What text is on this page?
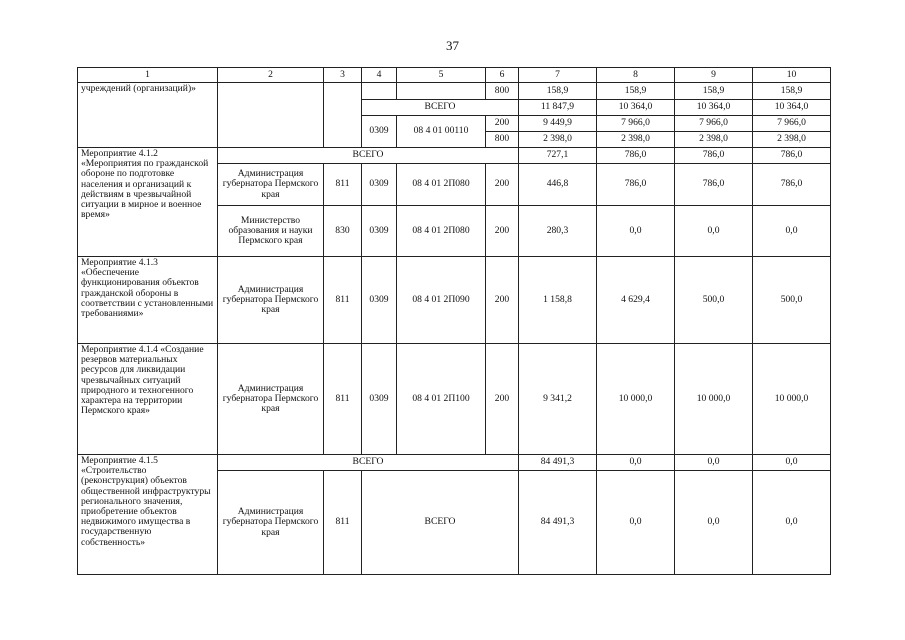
37
1	2	3	4	5	6	7	8	9	10
учреждений (организаций)»					800	158,9	158,9	158,9	158,9
			ВСЕГО			11 847,9	10 364,0	10 364,0	10 364,0
			0309	08 4 01 00110	200	9 449,9	7 966,0	7 966,0	7 966,0
					800	2 398,0	2 398,0	2 398,0	2 398,0
Мероприятие 4.1.2 «Мероприятия по гражданской обороне по подготовке населения и организаций к действиям в чрезвычайной ситуации в мирное и военное время»	ВСЕГО					727,1	786,0	786,0	786,0
	Администрация губернатора Пермского края	811	0309	08 4 01 2П080	200	446,8	786,0	786,0	786,0
	Министерство образования и науки Пермского края	830	0309	08 4 01 2П080	200	280,3	0,0	0,0	0,0
Мероприятие 4.1.3 «Обеспечение функционирования объектов гражданской обороны в соответствии с установленными требованиями»	Администрация губернатора Пермского края	811	0309	08 4 01 2П090	200	1 158,8	4 629,4	500,0	500,0
Мероприятие 4.1.4 «Создание резервов материальных ресурсов для ликвидации чрезвычайных ситуаций природного и техногенного характера на территории Пермского края»	Администрация губернатора Пермского края	811	0309	08 4 01 2П100	200	9 341,2	10 000,0	10 000,0	10 000,0
Мероприятие 4.1.5 «Строительство (реконструкция) объектов общественной инфраструктуры регионального значения, приобретение объектов недвижимого имущества в государственную собственность»	ВСЕГО					84 491,3	0,0	0,0	0,0
	Администрация губернатора Пермского края	811	ВСЕГО			84 491,3	0,0	0,0	0,0
